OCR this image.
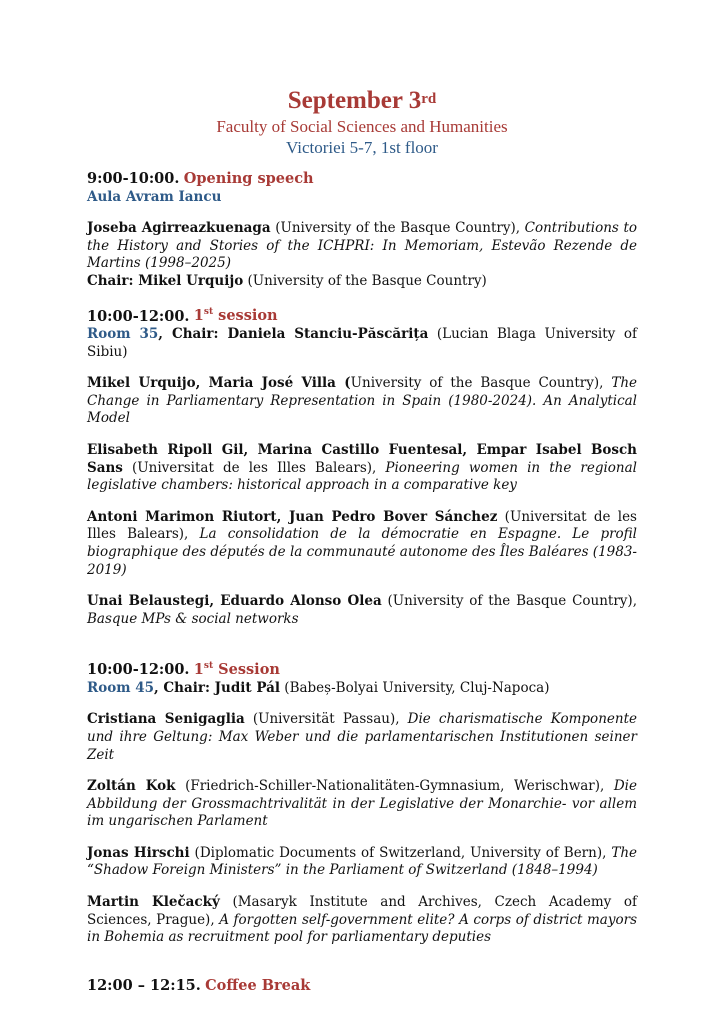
September 3rd
Faculty of Social Sciences and Humanities
Victoriei 5-7, 1st floor

9:00-10:00. Opening speech

Aula Avram Iancu

Joseba Agirreazkuenaga (University of the Basque Country), Contributions to the History and Stories of the ICHPRI: In Memoriam, Estevão Rezende de Martins (1998–2025)

Chair: Mikel Urquijo (University of the Basque Country)

10:00-12:00. 1st session

Room 35, Chair: Daniela Stanciu-Păscărița (Lucian Blaga University of Sibiu)

Mikel Urquijo, Maria José Villa (University of the Basque Country), The Change in Parliamentary Representation in Spain (1980-2024). An Analytical Model

Elisabeth Ripoll Gil, Marina Castillo Fuentesal, Empar Isabel Bosch Sans (Universitat de les Illes Balears), Pioneering women in the regional legislative chambers: historical approach in a comparative key

Antoni Marimon Riutort, Juan Pedro Bover Sánchez (Universitat de les Illes Balears), La consolidation de la démocratie en Espagne. Le profil biographique des députés de la communauté autonome des Îles Baléares (1983-2019)

Unai Belaustegi, Eduardo Alonso Olea (University of the Basque Country), Basque MPs & social networks

10:00-12:00. 1st Session

Room 45, Chair: Judit Pál (Babeș-Bolyai University, Cluj-Napoca)

Cristiana Senigaglia (Universität Passau), Die charismatische Komponente und ihre Geltung: Max Weber und die parlamentarischen Institutionen seiner Zeit

Zoltán Kok (Friedrich-Schiller-Nationalitäten-Gymnasium, Werischwar), Die Abbildung der Grossmachtrivalität in der Legislative der Monarchie- vor allem im ungarischen Parlament

Jonas Hirschi (Diplomatic Documents of Switzerland, University of Bern), The “Shadow Foreign Ministers” in the Parliament of Switzerland (1848–1994)

Martin Klečacký (Masaryk Institute and Archives, Czech Academy of Sciences, Prague), A forgotten self-government elite? A corps of district mayors in Bohemia as recruitment pool for parliamentary deputies

12:00 – 12:15. Coffee Break
